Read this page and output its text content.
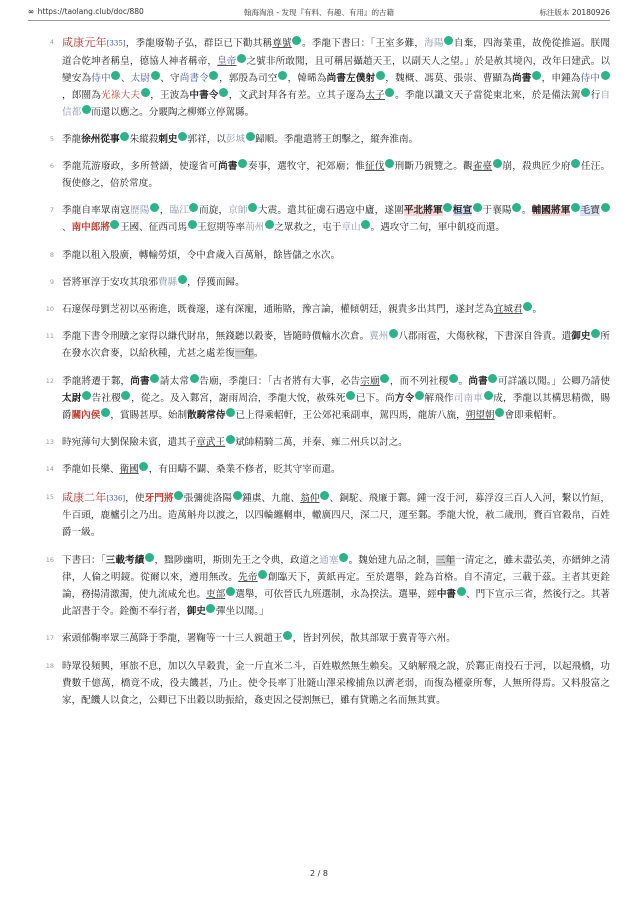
∞ https://taolang.club/doc/880	翰海淘浪 - 发现『有料、有趣、有用』的古籍	标注版本 20180926
4 咸康元年[335]，季龍廢勒子弘，群臣已下勸其稱尊號 。季龍下書曰：「王室多難，海陽 自棄，四海業重，故俛從推逼。朕聞道合乾坤者稱皇，德協人神者稱帝，皇帝 之號非所敢聞，且可稱居攝趙天王，以副天人之望。」於是赦其境內，改年曰建武。以變安為侍中 、太尉 、守尚書令 ，郭殷為司空 ，韓晞為尚書左僕射 ，魏概、馮莫、張崇、曹顯為尚書 ，申鍾為侍中，郎闓為光祿大夫 ，王波為中書令 ，文武封拜各有差。立其子邃為太子 。季龍以讖文天子當從東北來，於是備法駕 行自信都 而還以應之。分覈陶之柳鄉立停駕縣。

5 季龍徐州從事 朱縱殺刺史 郭祥，以彭城 歸順。季龍遣將王朗擊之，縱奔淮南。

6 季龍荒游廢政，多所營繕，使邃省可尚書 奏事，選牧守，祀郊廟；惟征伐 刑斷乃親覽之。觀雀臺 崩，殺典匠少府 任汪。復使修之，倍於常度。

7 季龍自率眾南寇歷陽 ，臨江 而旋，京師 大震。遣其征虜石遇寇中廬，遂圍平北將軍 桓宣 于襄陽 。輔國將軍 毛寶、南中郎將 王國、征西司馬 王愆期等率荊州 之眾救之，屯于章山 。遇攻守二旬，軍中飢疫而還。

8 季龍以租入殷廣，轉輸勞煩，令中倉歲入百萬斛，餘皆儲之水次。

9 晉將軍淳于安攻其琅邪費縣 ，俘獲而歸。

10 石邃保母劉芝初以巫術進，既養邃，遂有深寵，通賄賂，豫言論，權傾朝廷，親貴多出其門，遂封芝為宜城君 。

11 季龍下書令刑贖之家得以縑代財帛，無錢聽以穀麥，皆隨時價輸水次倉。冀州 八郡雨雹，大傷秋稼，下書深自咎責。遣御史 所在發水次倉麥，以給秋種，尤甚之處差復一年。

12 季龍將遷于鄴，尚書 請太常 告廟，季龍曰：「古者將有大事，必告宗廟 ，而不列社稷 。尚書 可詳議以聞。」公卿乃請使太尉 告社稷 ，從之。及入鄴宮，謝雨周洽，季龍大悅，赦殊死 已下。尚方令 解飛作司南車 成，季龍以其構思精微，賜爵關內侯 ，賞賜甚厚。始制散騎常侍 已上得乘軺軒，王公郊祀乘副車，駕四馬，龍旂八旒，朔望朝 會即乘軺軒。

13 時宛薄句大劉保險未賓，遣其子章武王 斌帥精騎二萬，并秦、雍二州兵以討之。

14 季龍如長樂、衛國 ，有田疇不闢、桑業不修者，貶其守宰而還。

15 咸康二年[336]，使牙門將 張彌徙洛陽 鍾虡、九龍、翁仲 、銅駝、飛廉于鄴。鍾一沒于河，募浮沒三百人入河，繫以竹絙，牛百頭，鹿櫨引之乃出。造萬斛舟以渡之，以四輪纏輞車，轍廣四尺，深二尺，運至鄴。季龍大悅，赦二歲刑，賚百官穀帛，百姓爵一級。

16 下書曰：「三載考績 ，黜陟幽明，斯則先王之令典，政道之通塞 。魏始建九品之制，三年一清定之，雖未盡弘美，亦縉紳之清律，人倫之明鏡。從爾以來，遵用無改。先帝 創臨天下，黃紙再定。至於選舉，銓為首格。自不清定，三載于茲。主者其更銓論，務揚清激濁，使九流咸允也。吏部 選舉，可依晉氏九班選制，永為揆法。選畢，經中書 、門下宣示三省，然後行之。其著此詔書于令。銓衡不奉行者，御史 彈坐以聞。」

17 索頭郁鞠率眾三萬降于季龍，署鞠等一十三人親趙王 ，皆封列侯，散其部眾于冀青等六州。

18 時眾役頻興，軍旅不息，加以久旱穀貴，金一斤直米二斗，百姓嗷然無生賴矣。又納解飛之說，於鄴正南投石于河，以起飛橋，功費數千億萬，橋竟不成，役夫饑甚，乃止。使令長率丁壯隨山澤采橡捕魚以濟老弱，而復為權豪所奪，人無所得焉。又料殷富之家，配饑人以食之，公卿已下出穀以助振給，姦吏因之侵割無已，雖有貸贍之名而無其實。

2 / 8
